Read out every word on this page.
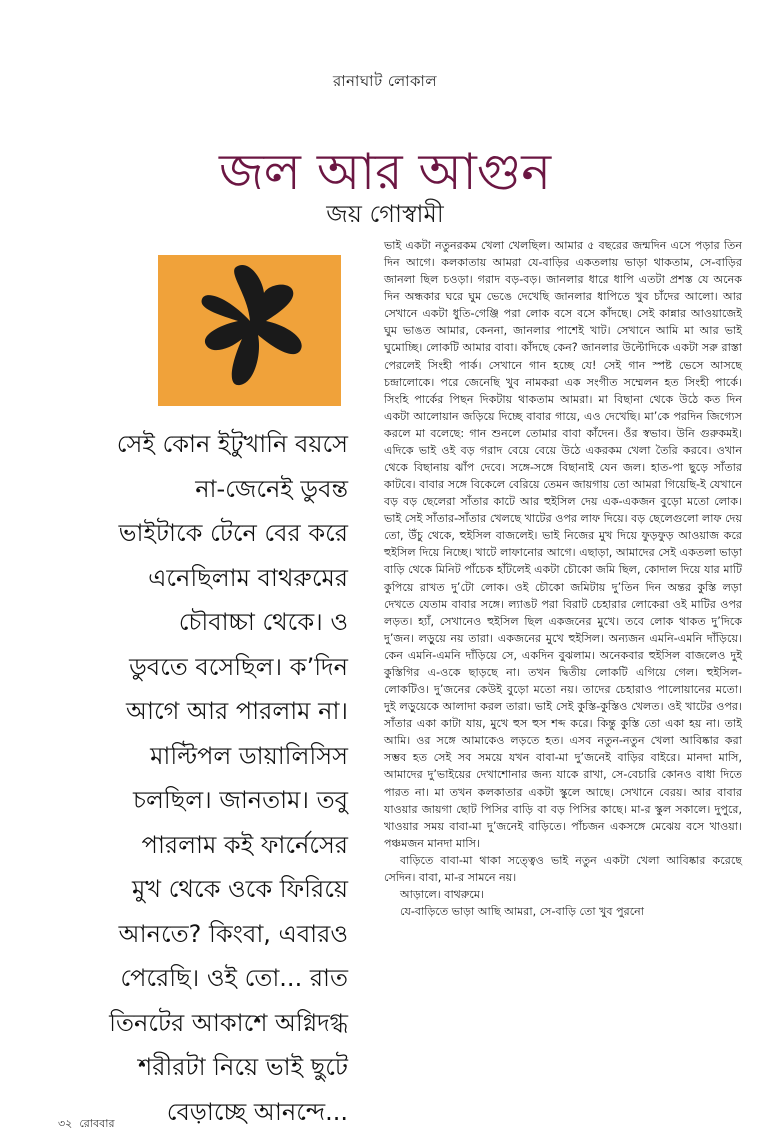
রানাঘাট লোকাল
জল আর আগুন
জয় গোস্বামী

সেই কোন ইটুখানি বয়সে

না-জেনেই ডুবন্ত

ভাইটাকে টেনে বের করে

এনেছিলাম বাথরুমের

চৌবাচ্চা থেকে। ও

ডুবতে বসেছিল। ক’দিন

আগে আর পারলাম না।

মাল্টিপল ডায়ালিসিস

চলছিল। জানতাম। তবু

পারলাম কই ফার্নেসের

মুখ থেকে ওকে ফিরিয়ে

আনতে? কিংবা, এবারও

পেরেছি। ওই তো... রাত

তিনটের আকাশে অগ্নিদগ্ধ

শরীরটা নিয়ে ভাই ছুটে

বেড়াচ্ছে আনন্দে...

ভাই একটা নতুনরকম খেলা খেলছিল। আমার ৫ বছরের জন্মদিন এসে পড়ার তিন দিন আগে। কলকাতায় আমরা যে-বাড়ির একতলায় ভাড়া থাকতাম, সে-বাড়ির জানলা ছিল চওড়া। গরাদ বড়-বড়। জানলার ধারে ধাপি এতটা প্রশস্ত যে অনেক দিন অন্ধকার ঘরে ঘুম ভেঙে দেখেছি জানলার ধাপিতে খুব চাঁদের আলো। আর সেখানে একটা ধুতি-গেঞ্জি পরা লোক বসে বসে কাঁদছে। সেই কান্নার আওয়াজেই ঘুম ভাঙত আমার, কেননা, জানলার পাশেই খাট। সেখানে আমি মা আর ভাই ঘুমোচ্ছি। লোকটি আমার বাবা। কাঁদছে কেন? জানলার উল্টোদিকে একটা সরু রাস্তা পেরলেই সিংহী পার্ক। সেখানে গান হচ্ছে যে! সেই গান স্পষ্ট ভেসে আসছে চন্দ্রালোকে। পরে জেনেছি খুব নামকরা এক সংগীত সম্মেলন হত সিংহী পার্কে। সিংহি পার্কের পিছন দিকটায় থাকতাম আমরা। মা বিছানা থেকে উঠে কত দিন একটা আলোয়ান জড়িয়ে দিচ্ছে বাবার গায়ে, এও দেখেছি। মা’কে পরদিন জিগ্যেস করলে মা বলেছে: গান শুনলে তোমার বাবা কাঁদেন। ওঁর স্বভাব। উনি গুরুকমই। এদিকে ভাই ওই বড় গরাদ বেয়ে বেয়ে উঠে একরকম খেলা তৈরি করবে। ওখান থেকে বিছানায় ঝাঁপ দেবে। সঙ্গে-সঙ্গে বিছানাই যেন জল। হাত-পা ছুড়ে সাঁতার কাটবে। বাবার সঙ্গে বিকেলে বেরিয়ে তেমন জায়গায় তো আমরা গিয়েছি-ই যেখানে বড় বড় ছেলেরা সাঁতার কাটে আর হুইসিল দেয় এক-একজন বুড়ো মতো লোক। ভাই সেই সাঁতার-সাঁতার খেলছে খাটের ওপর লাফ দিয়ে। বড় ছেলেগুলো লাফ দেয় তো, উঁচু থেকে, হুইসিল বাজলেই। ভাই নিজের মুখ দিয়ে ফুড়ফুড় আওয়াজ করে হুইসিল দিয়ে নিচ্ছে। খাটে লাফানোর আগে। এছাড়া, আমাদের সেই একতলা ভাড়া বাড়ি থেকে মিনিট পাঁচেক হাঁটলেই একটা চৌকো জমি ছিল, কোদাল দিয়ে যার মাটি কুপিয়ে রাখত দু’টো লোক। ওই চৌকো জমিটায় দু’তিন দিন অন্তর কুস্তি লড়া দেখতে যেতাম বাবার সঙ্গে। ল্যাঙট পরা বিরাট চেহারার লোকেরা ওই মাটির ওপর লড়ত। হ্যাঁ, সেখানেও হুইসিল ছিল একজনের মুখে। তবে লোক থাকত দু’দিকে দু’জন। লড়ুয়ে নয় তারা। একজনের মুখে হুইসিল। অন্যজন এমনি-এমনি দাঁড়িয়ে। কেন এমনি-এমনি দাঁড়িয়ে সে, একদিন বুঝলাম। অনেকবার হুইসিল বাজলেও দুই কুস্তিগির এ-ওকে ছাড়ছে না। তখন দ্বিতীয় লোকটি এগিয়ে গেল। হুইসিল-লোকটিও। দু’জনের কেউই বুড়ো মতো নয়। তাদের চেহারাও পালোয়ানের মতো। দুই লড়ুয়েকে আলাদা করল তারা। ভাই সেই কুস্তি-কুস্তিও খেলত। ওই খাটের ওপর। সাঁতার একা কাটা যায়, মুখে হুস হুস শব্দ করে। কিন্তু কুস্তি তো একা হয় না। তাই আমি। ওর সঙ্গে আমাকেও লড়তে হত। এসব নতুন-নতুন খেলা আবিষ্কার করা সম্ভব হত সেই সব সময়ে যখন বাবা-মা দু’জনেই বাড়ির বাইরে। মানদা মাসি, আমাদের দু’ভাইয়ের দেখাশোনার জন্য যাকে রাখা, সে-বেচারি কোনও বাধা দিতে পারত না। মা তখন কলকাতার একটা স্কুলে আছে। সেখানে বেরয়। আর বাবার যাওয়ার জায়গা ছোট পিসির বাড়ি বা বড় পিসির কাছে। মা-র স্কুল সকালে। দুপুরে, খাওয়ার সময় বাবা-মা দু’জনেই বাড়িতে। পাঁচজন একসঙ্গে মেঝেয় বসে খাওয়া। পঞ্চমজন মানদা মাসি।

বাড়িতে বাবা-মা থাকা সত্ত্বেও ভাই নতুন একটা খেলা আবিষ্কার করেছে সেদিন। বাবা, মা-র সামনে নয়।

আড়ালে। বাথরুমে।

যে-বাড়িতে ভাড়া আছি আমরা, সে-বাড়ি তো খুব পুরনো

৩২ রোববার
